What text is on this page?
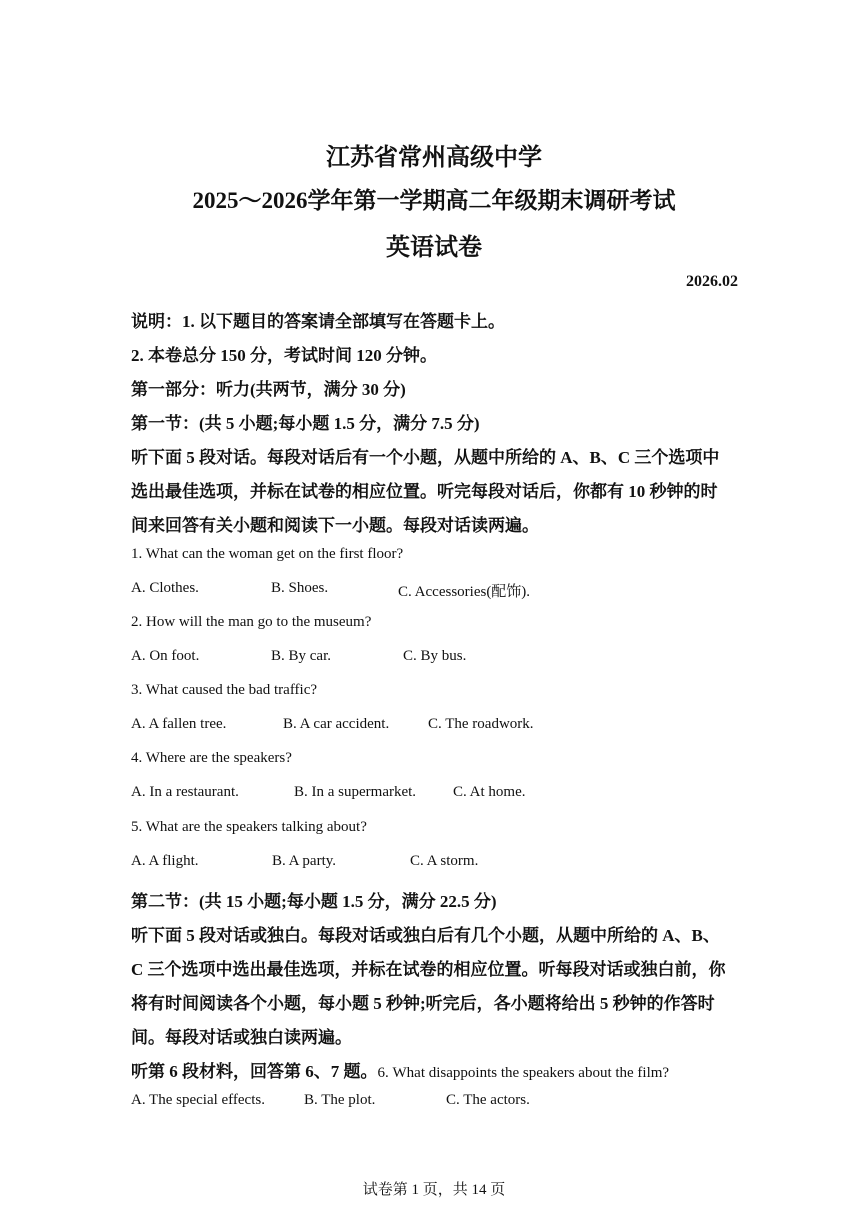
江苏省常州高级中学
2025～2026学年第一学期高二年级期末调研考试
英语试卷
2026.02
说明：1. 以下题目的答案请全部填写在答题卡上。
2. 本卷总分 150 分，考试时间 120 分钟。
第一部分：听力(共两节，满分 30 分)
第一节：(共 5 小题;每小题 1.5 分，满分 7.5 分)
听下面 5 段对话。每段对话后有一个小题，从题中所给的 A、B、C 三个选项中
选出最佳选项，并标在试卷的相应位置。听完每段对话后，你都有 10 秒钟的时
间来回答有关小题和阅读下一小题。每段对话读两遍。
1. What can the woman get on the first floor?
A. Clothes.	B. Shoes.	C. Accessories(配饰).
2. How will the man go to the museum?
A. On foot.	B. By car.	C. By bus.
3. What caused the bad traffic?
A. A fallen tree.	B. A car accident.	C. The roadwork.
4. Where are the speakers?
A. In a restaurant.	B. In a supermarket. C. At home.
5. What are the speakers talking about?
A. A flight.	B. A party.	C. A storm.
第二节：(共 15 小题;每小题 1.5 分，满分 22.5 分)
听下面 5 段对话或独白。每段对话或独白后有几个小题，从题中所给的 A、B、
C 三个选项中选出最佳选项，并标在试卷的相应位置。听每段对话或独白前，你
将有时间阅读各个小题，每小题 5 秒钟;听完后，各小题将给出 5 秒钟的作答时
间。每段对话或独白读两遍。
听第 6 段材料，回答第 6、7 题。6. What disappoints the speakers about the film?
A. The special effects.	B. The plot.	C. The actors.
试卷第 1 页，共 14 页
